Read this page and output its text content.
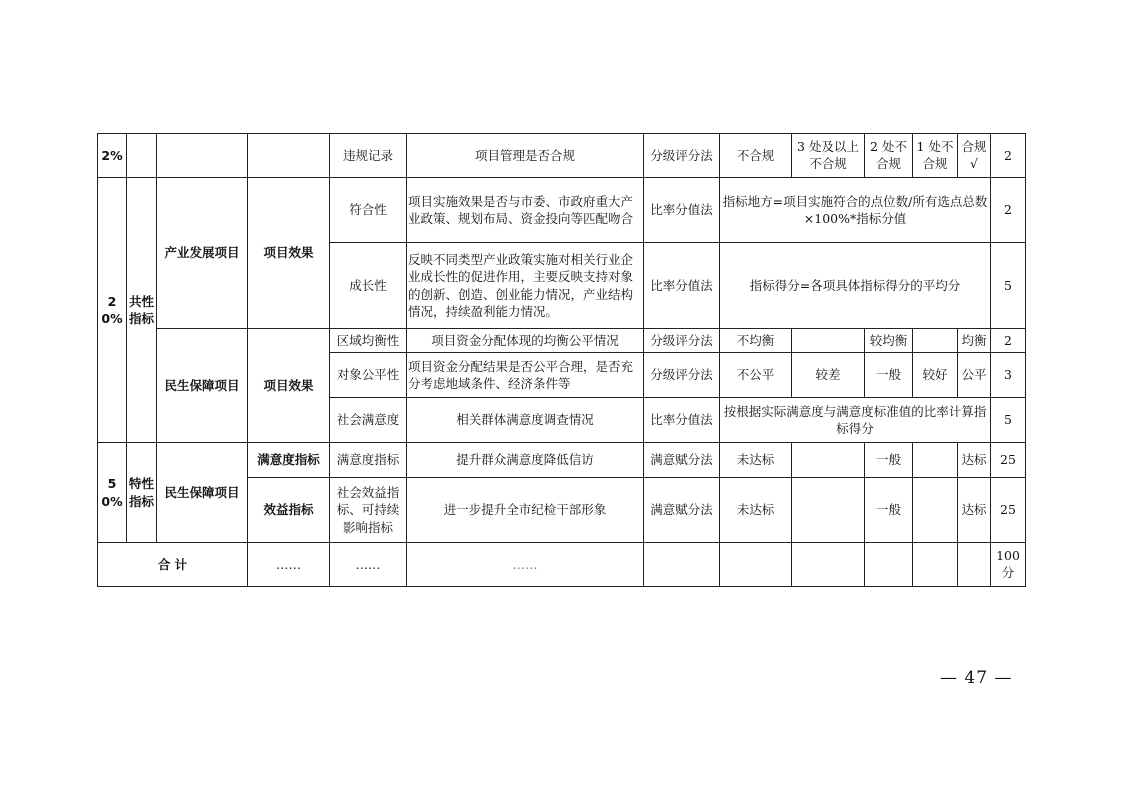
2%				违规记录	项目管理是否合规	分级评分法	不合规	3 处及以上不合规	2 处不合规	1 处不合规	合规√	2
20%	共性指标	产业发展项目	项目效果	符合性	项目实施效果是否与市委、市政府重大产业政策、规划布局、资金投向等匹配吻合	比率分值法	指标地方=项目实施符合的点位数/所有选点总数×100%*指标分值					2
				成长性	反映不同类型产业政策实施对相关行业企业成长性的促进作用，主要反映支持对象的创新、创造、创业能力情况，产业结构情况，持续盈利能力情况。	比率分值法	指标得分=各项具体指标得分的平均分					5
		民生保障项目	项目效果	区域均衡性	项目资金分配体现的均衡公平情况	分级评分法	不均衡		较均衡		均衡	2
				对象公平性	项目资金分配结果是否公平合理，是否充分考虑地域条件、经济条件等	分级评分法	不公平	较差	一般	较好	公平	3
				社会满意度	相关群体满意度调查情况	比率分值法	按根据实际满意度与满意度标准值的比率计算指标得分					5
50%	特性指标	民生保障项目	满意度指标	满意度指标	提升群众满意度降低信访	满意赋分法	未达标		一般		达标	25
			效益指标	社会效益指标、可持续影响指标	进一步提升全市纪检干部形象	满意赋分法	未达标		一般		达标	25
合 计			……	……	……							100分
— 47 —
